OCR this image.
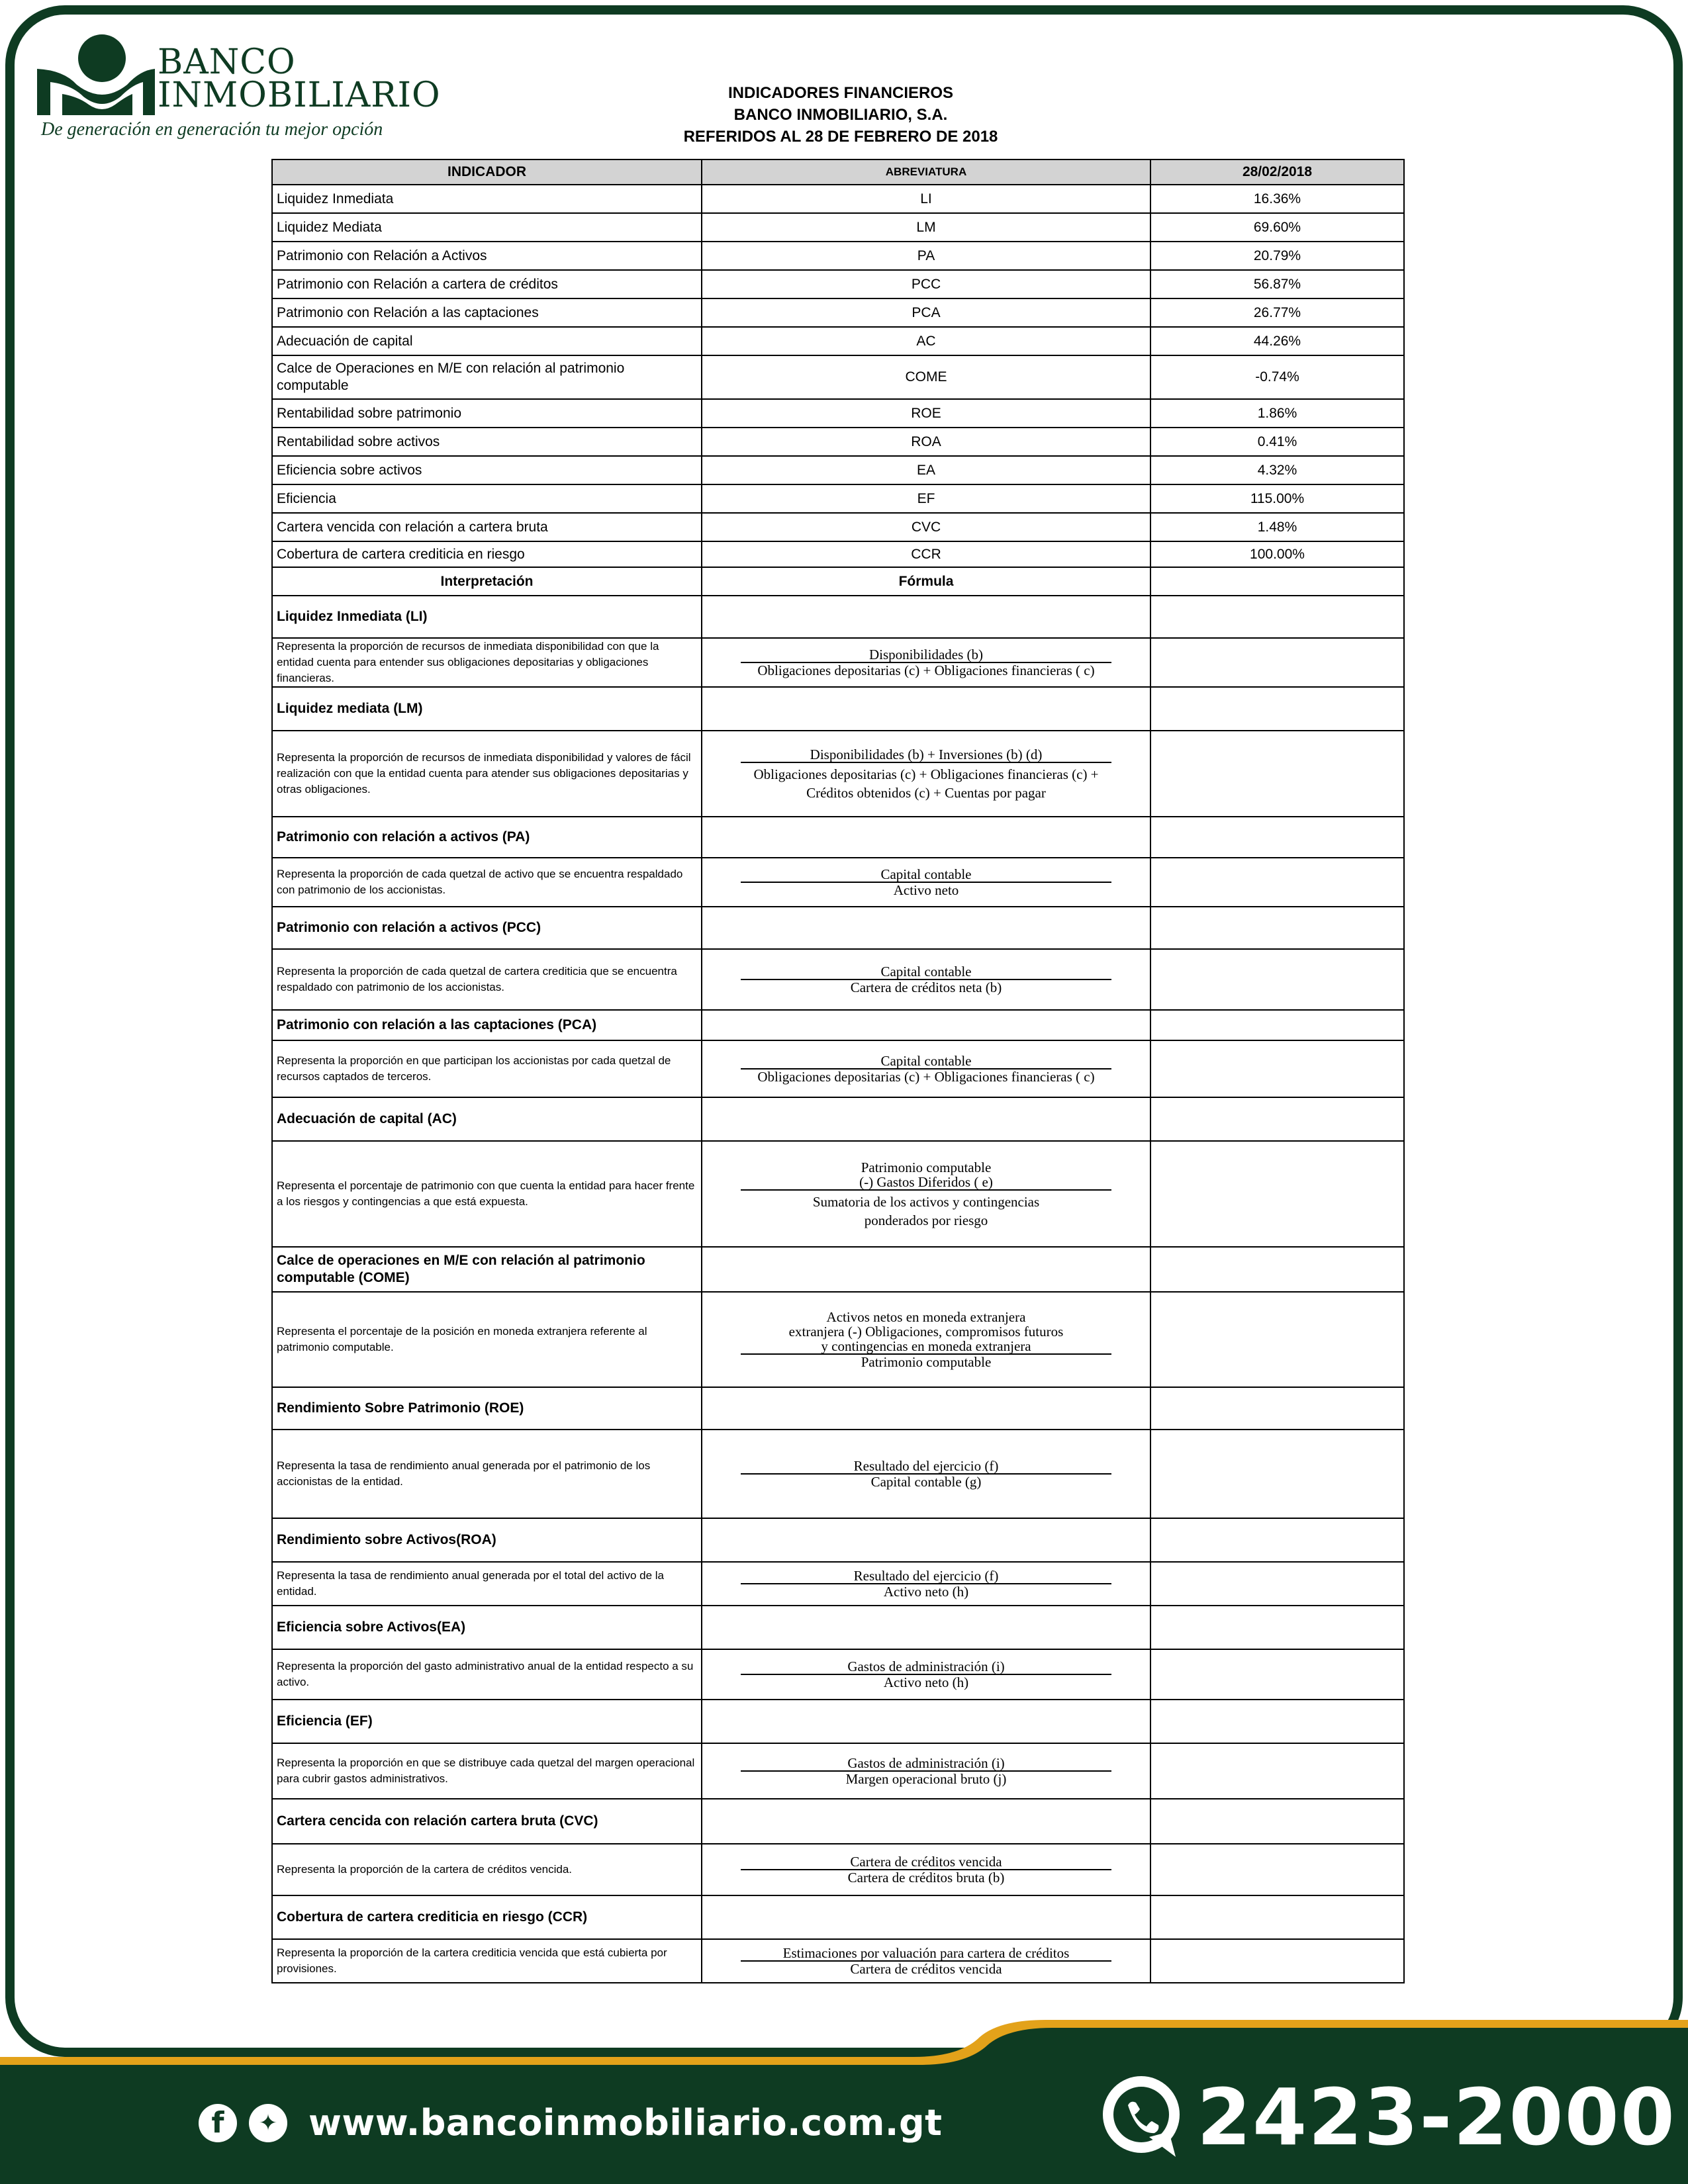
BANCO
INMOBILIARIO
De generación en generación tu mejor opción
INDICADORES FINANCIEROS
BANCO INMOBILIARIO, S.A.
REFERIDOS AL 28 DE FEBRERO DE 2018
INDICADOR	ABREVIATURA	28/02/2018
Liquidez Inmediata	LI	16.36%
Liquidez Mediata	LM	69.60%
Patrimonio con Relación a Activos	PA	20.79%
Patrimonio con Relación a cartera de créditos	PCC	56.87%
Patrimonio con Relación a las captaciones	PCA	26.77%
Adecuación de capital	AC	44.26%
Calce de Operaciones en M/E con relación al patrimonio computable	COME	-0.74%
Rentabilidad sobre patrimonio	ROE	1.86%
Rentabilidad sobre activos	ROA	0.41%
Eficiencia sobre activos	EA	4.32%
Eficiencia	EF	115.00%
Cartera vencida con relación a cartera bruta	CVC	1.48%
Cobertura de cartera crediticia en riesgo	CCR	100.00%
Interpretación	Fórmula	
Liquidez Inmediata (LI)		
Representa la proporción de recursos de inmediata disponibilidad con que la entidad cuenta para entender sus obligaciones depositarias y obligaciones financieras.	Disponibilidades (b)
Obligaciones depositarias (c) + Obligaciones financieras ( c)	

Liquidez mediata (LM)		
Representa la proporción de recursos de inmediata disponibilidad y valores de fácil realización con que la entidad cuenta para atender sus obligaciones depositarias y otras obligaciones.	Disponibilidades (b) + Inversiones (b) (d)
Obligaciones depositarias (c) + Obligaciones financieras (c) +
Créditos obtenidos (c) + Cuentas por pagar	

Patrimonio con relación a activos (PA)		
Representa la proporción de cada quetzal de activo que se encuentra respaldado con patrimonio de los accionistas.	Capital contable
Activo neto	

Patrimonio con relación a activos (PCC)		
Representa la proporción de cada quetzal de cartera crediticia que se encuentra respaldado con patrimonio de los accionistas.	Capital contable
Cartera de créditos neta (b)	

Patrimonio con relación a las captaciones (PCA)		
Representa la proporción en que participan los accionistas por cada quetzal de recursos captados de terceros.	Capital contable
Obligaciones depositarias (c) + Obligaciones financieras ( c)	

Adecuación de capital (AC)		
Representa el porcentaje de patrimonio con que cuenta la entidad para hacer frente a los riesgos y contingencias a que está expuesta.	Patrimonio computable
(-) Gastos Diferidos ( e)
Sumatoria de los activos y contingencias
ponderados por riesgo	

Calce de operaciones en M/E con relación al patrimonio computable (COME)		
Representa el porcentaje de la posición en moneda extranjera referente al patrimonio computable.	Activos netos en moneda extranjera
extranjera (-) Obligaciones, compromisos futuros
y contingencias en moneda extranjera
Patrimonio computable	

Rendimiento Sobre Patrimonio (ROE)		
Representa la tasa de rendimiento anual generada por el patrimonio de los accionistas de la entidad.	Resultado del ejercicio (f)
Capital contable (g)	

Rendimiento sobre Activos(ROA)		
Representa la tasa de rendimiento anual generada por el total del activo de la entidad.	Resultado del ejercicio (f)
Activo neto (h)	

Eficiencia sobre Activos(EA)		
Representa la proporción del gasto administrativo anual de la entidad respecto a su activo.	Gastos de administración (i)
Activo neto (h)	

Eficiencia (EF)		
Representa la proporción en que se distribuye cada quetzal del margen operacional para cubrir gastos administrativos.	Gastos de administración (i)
Margen operacional bruto (j)	

Cartera cencida con relación cartera bruta (CVC)		
Representa la proporción de la cartera de créditos vencida.	Cartera de créditos vencida
Cartera de créditos bruta (b)	

Cobertura de cartera crediticia en riesgo (CCR)		
Representa la proporción de la cartera crediticia vencida que está cubierta por provisiones.	Estimaciones por valuación para cartera de créditos
Cartera de créditos vencida	

f	✦ www.bancoinmobiliario.com.gt	2423-2000
